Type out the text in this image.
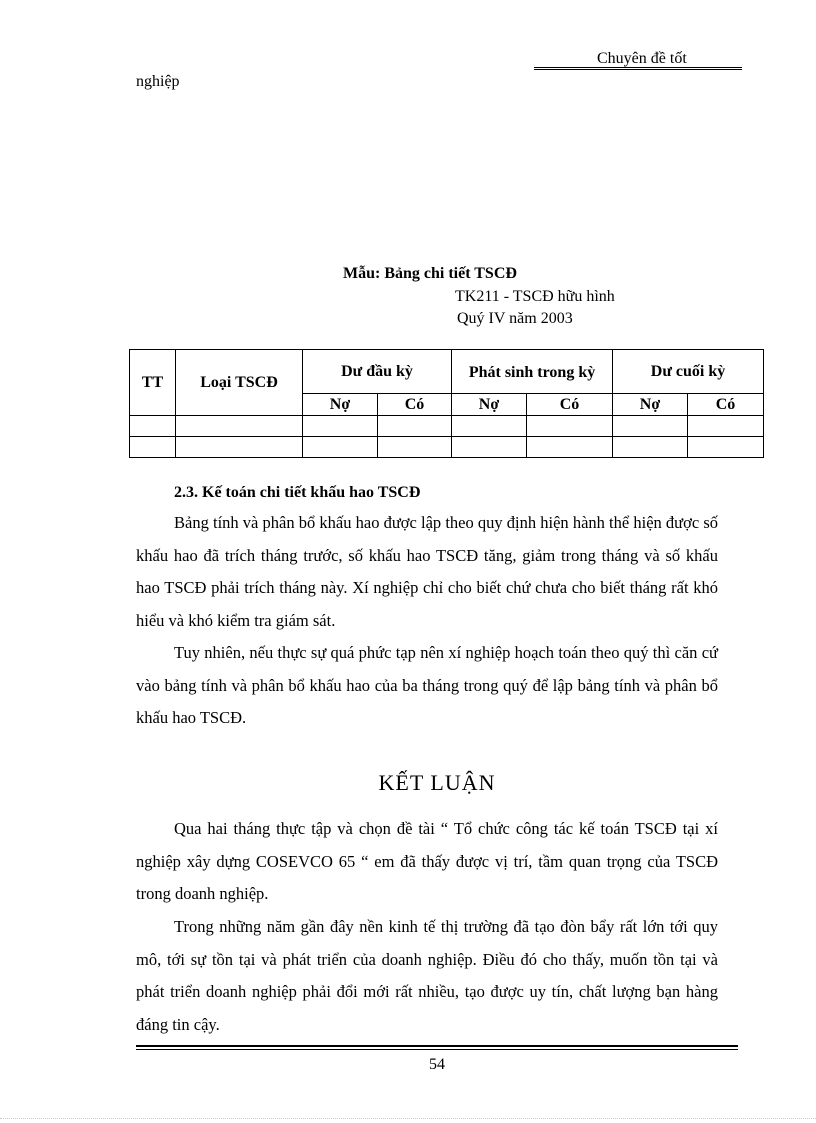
Chuyên đề tốt
nghiệp
Mẫu: Bảng chi tiết TSCĐ
TK211 - TSCĐ hữu hình
Quý IV năm 2003
TT	Loại TSCĐ	Dư đầu kỳ		Phát sinh trong kỳ		Dư cuối kỳ	
		Nợ	Có	Nợ	Có	Nợ	Có

2.3. Kế toán chi tiết khấu hao TSCĐ

Bảng tính và phân bổ khấu hao được lập theo quy định hiện hành thể hiện được số khấu hao đã trích tháng trước, số khấu hao TSCĐ tăng, giảm trong tháng và số khấu hao TSCĐ phải trích tháng này. Xí nghiệp chỉ cho biết chứ chưa cho biết tháng rất khó hiểu và khó kiểm tra giám sát.

Tuy nhiên, nếu thực sự quá phức tạp nên xí nghiệp hoạch toán theo quý thì căn cứ vào bảng tính và phân bổ khấu hao của ba tháng trong quý để lập bảng tính và phân bổ khấu hao TSCĐ.

KẾT LUẬN

Qua hai tháng thực tập và chọn đề tài “ Tổ chức công tác kế toán TSCĐ tại xí nghiệp xây dựng COSEVCO 65 “ em đã thấy được vị trí, tầm quan trọng của TSCĐ trong doanh nghiệp.

Trong những năm gần đây nền kinh tế thị trường đã tạo đòn bẩy rất lớn tới quy mô, tới sự tồn tại và phát triển của doanh nghiệp. Điều đó cho thấy, muốn tồn tại và phát triển doanh nghiệp phải đổi mới rất nhiều, tạo được uy tín, chất lượng bạn hàng đáng tin cậy.

54
